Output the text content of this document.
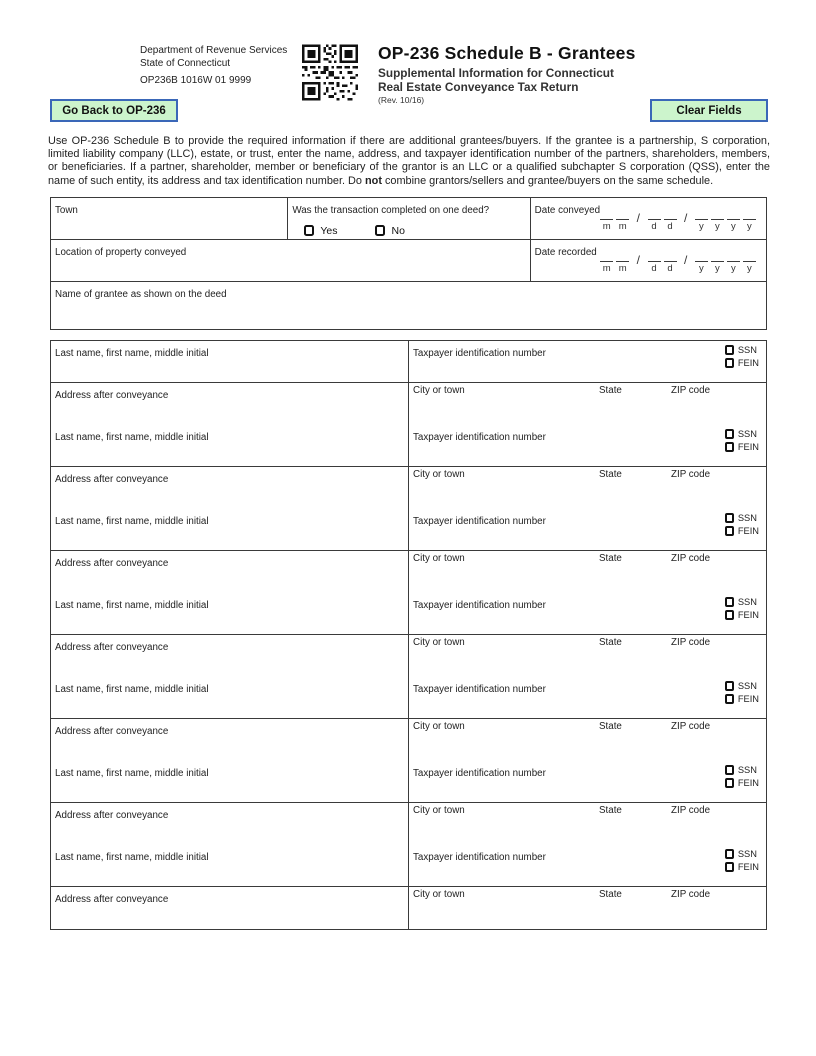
Department of Revenue Services
State of Connecticut
OP236B 1016W 01 9999
OP-236 Schedule B - Grantees
Supplemental Information for Connecticut
Real Estate Conveyance Tax Return
(Rev. 10/16)
Go Back to OP-236	Clear Fields

Use OP-236 Schedule B to provide the required information if there are additional grantees/buyers. If the grantee is a partnership, S corporation, limited liability company (LLC), estate, or trust, enter the name, address, and taxpayer identification number of the partners, shareholders, members, or beneficiaries. If a partner, shareholder, member or beneficiary of the grantor is an LLC or a qualified subchapter S corporation (QSS), enter the name of such entity, its address and tax identification number. Do not combine grantors/sellers and grantee/buyers on the same schedule.

Town	Was the transaction completed on one deed?
Yes	No
Date conveyed
m m/d d/y y y y
Location of property conveyed	Date recorded
m m/d d/y y y y
Name of grantee as shown on the deed
Last name, first name, middle initial	Taxpayer identification number	SSN
FEIN
Address after conveyance	City or town	State	ZIP code
Last name, first name, middle initial	Taxpayer identification number	SSN
FEIN
Address after conveyance	City or town	State	ZIP code
Last name, first name, middle initial	Taxpayer identification number	SSN
FEIN
Address after conveyance	City or town	State	ZIP code
Last name, first name, middle initial	Taxpayer identification number	SSN
FEIN
Address after conveyance	City or town	State	ZIP code
Last name, first name, middle initial	Taxpayer identification number	SSN
FEIN
Address after conveyance	City or town	State	ZIP code
Last name, first name, middle initial	Taxpayer identification number	SSN
FEIN
Address after conveyance	City or town	State	ZIP code
Last name, first name, middle initial	Taxpayer identification number	SSN
FEIN
Address after conveyance	City or town	State	ZIP code
